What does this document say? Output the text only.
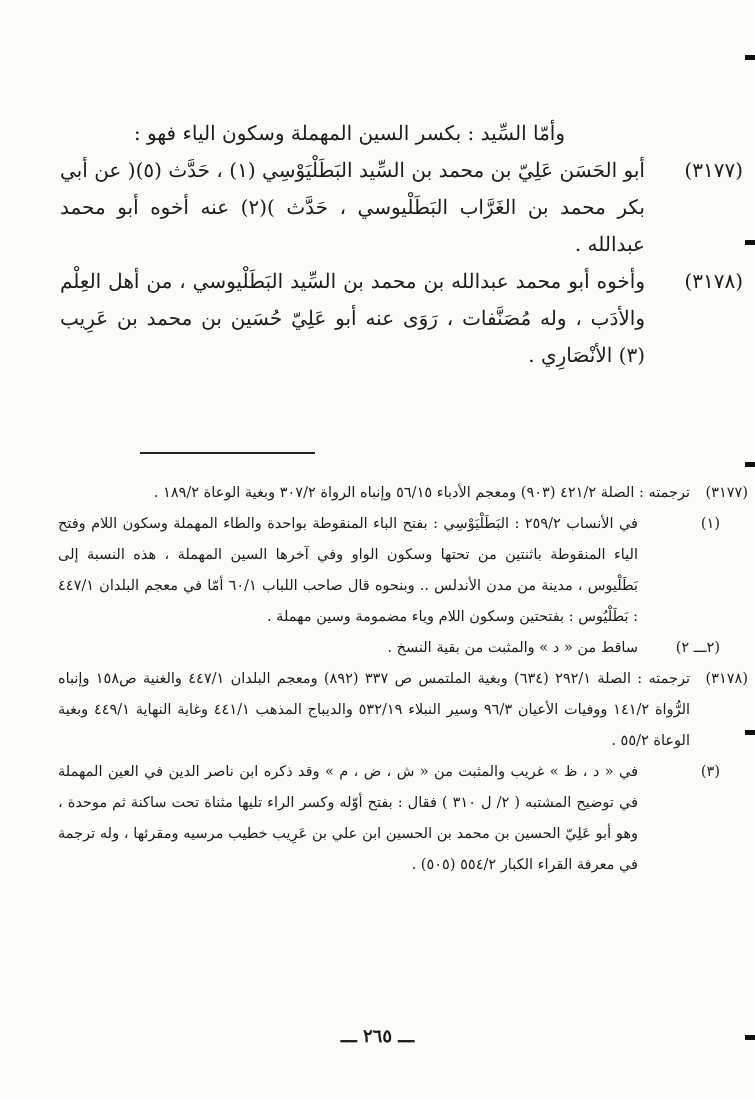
وأمّا السِّيد : بكسر السين المهملة وسكون الياء فهو :

(٣١٧٧)

أبو الحَسَن عَلِيّ بن محمد بن السِّيد البَطَلْيَوْسِي (١) ، حَدَّث (٥)( عن أبي بكر محمد بن الغَرَّاب البَطَلْيوسي ، حَدَّث )(٢) عنه أخوه أبو محمد عبدالله .

(٣١٧٨)

وأخوه أبو محمد عبدالله بن محمد بن السِّيد البَطَلْيوسي ، من أهل العِلْم والأدَب ، وله مُصَنَّفات ، رَوَى عنه أبو عَلِيّ حُسَين بن محمد بن عَرِيب (٣) الأنْصَارِي .

(٣١٧٧)

ترجمته : الصلة ٤٢١/٢ (٩٠٣) ومعجم الأدباء ٥٦/١٥ وإنباه الرواة ٣٠٧/٢ وبغية الوعاة ١٨٩/٢ .

(١)

في الأنساب ٢٥٩/٢ : البَطَلْيَوْسِي : بفتح الباء المنقوطة بواحدة والطاء المهملة وسكون اللام وفتح الياء المنقوطة باثنتين من تحتها وسكون الواو وفي آخرها السين المهملة ، هذه النسبة إلى بَطَلْيوس ، مدينة من مدن الأندلس .. وبنحوه قال صاحب اللباب ٦٠/١ أمّا في معجم البلدان ٤٤٧/١ : بَطَلْيُوس : بفتحتين وسكون اللام وياء مضمومة وسين مهملة .

(٢ـــ ٢)

ساقط من « د » والمثبت من بقية النسخ .

(٣١٧٨)

ترجمته : الصلة ٢٩٢/١ (٦٣٤) وبغية الملتمس ص ٣٣٧ (٨٩٢) ومعجم البلدان ٤٤٧/١ والغنية ص١٥٨ وإنباه الرُّواة ١٤١/٢ ووفيات الأعيان ٩٦/٣ وسير النبلاء ٥٣٢/١٩ والديباج المذهب ٤٤١/١ وغاية النهاية ٤٤٩/١ وبغية الوعاة ٥٥/٢ .

(٣)

في « د ، ظ » غريب والمثبت من « ش ، ض ، م » وقد ذكره ابن ناصر الدين في العين المهملة في توضيح المشتبه ( ٢/ ل ٣١٠ ) فقال : بفتح أوّله وكسر الراء تليها مثناة تحت ساكنة ثم موحدة ، وهو أبو عَلِيّ الحسين بن محمد بن الحسين ابن علي بن عَرِيب خطيب مرسيه ومقرئها ، وله ترجمة في معرفة القراء الكبار ٥٥٤/٢ (٥٠٥) .

ـــ ٢٦٥ ـــ
